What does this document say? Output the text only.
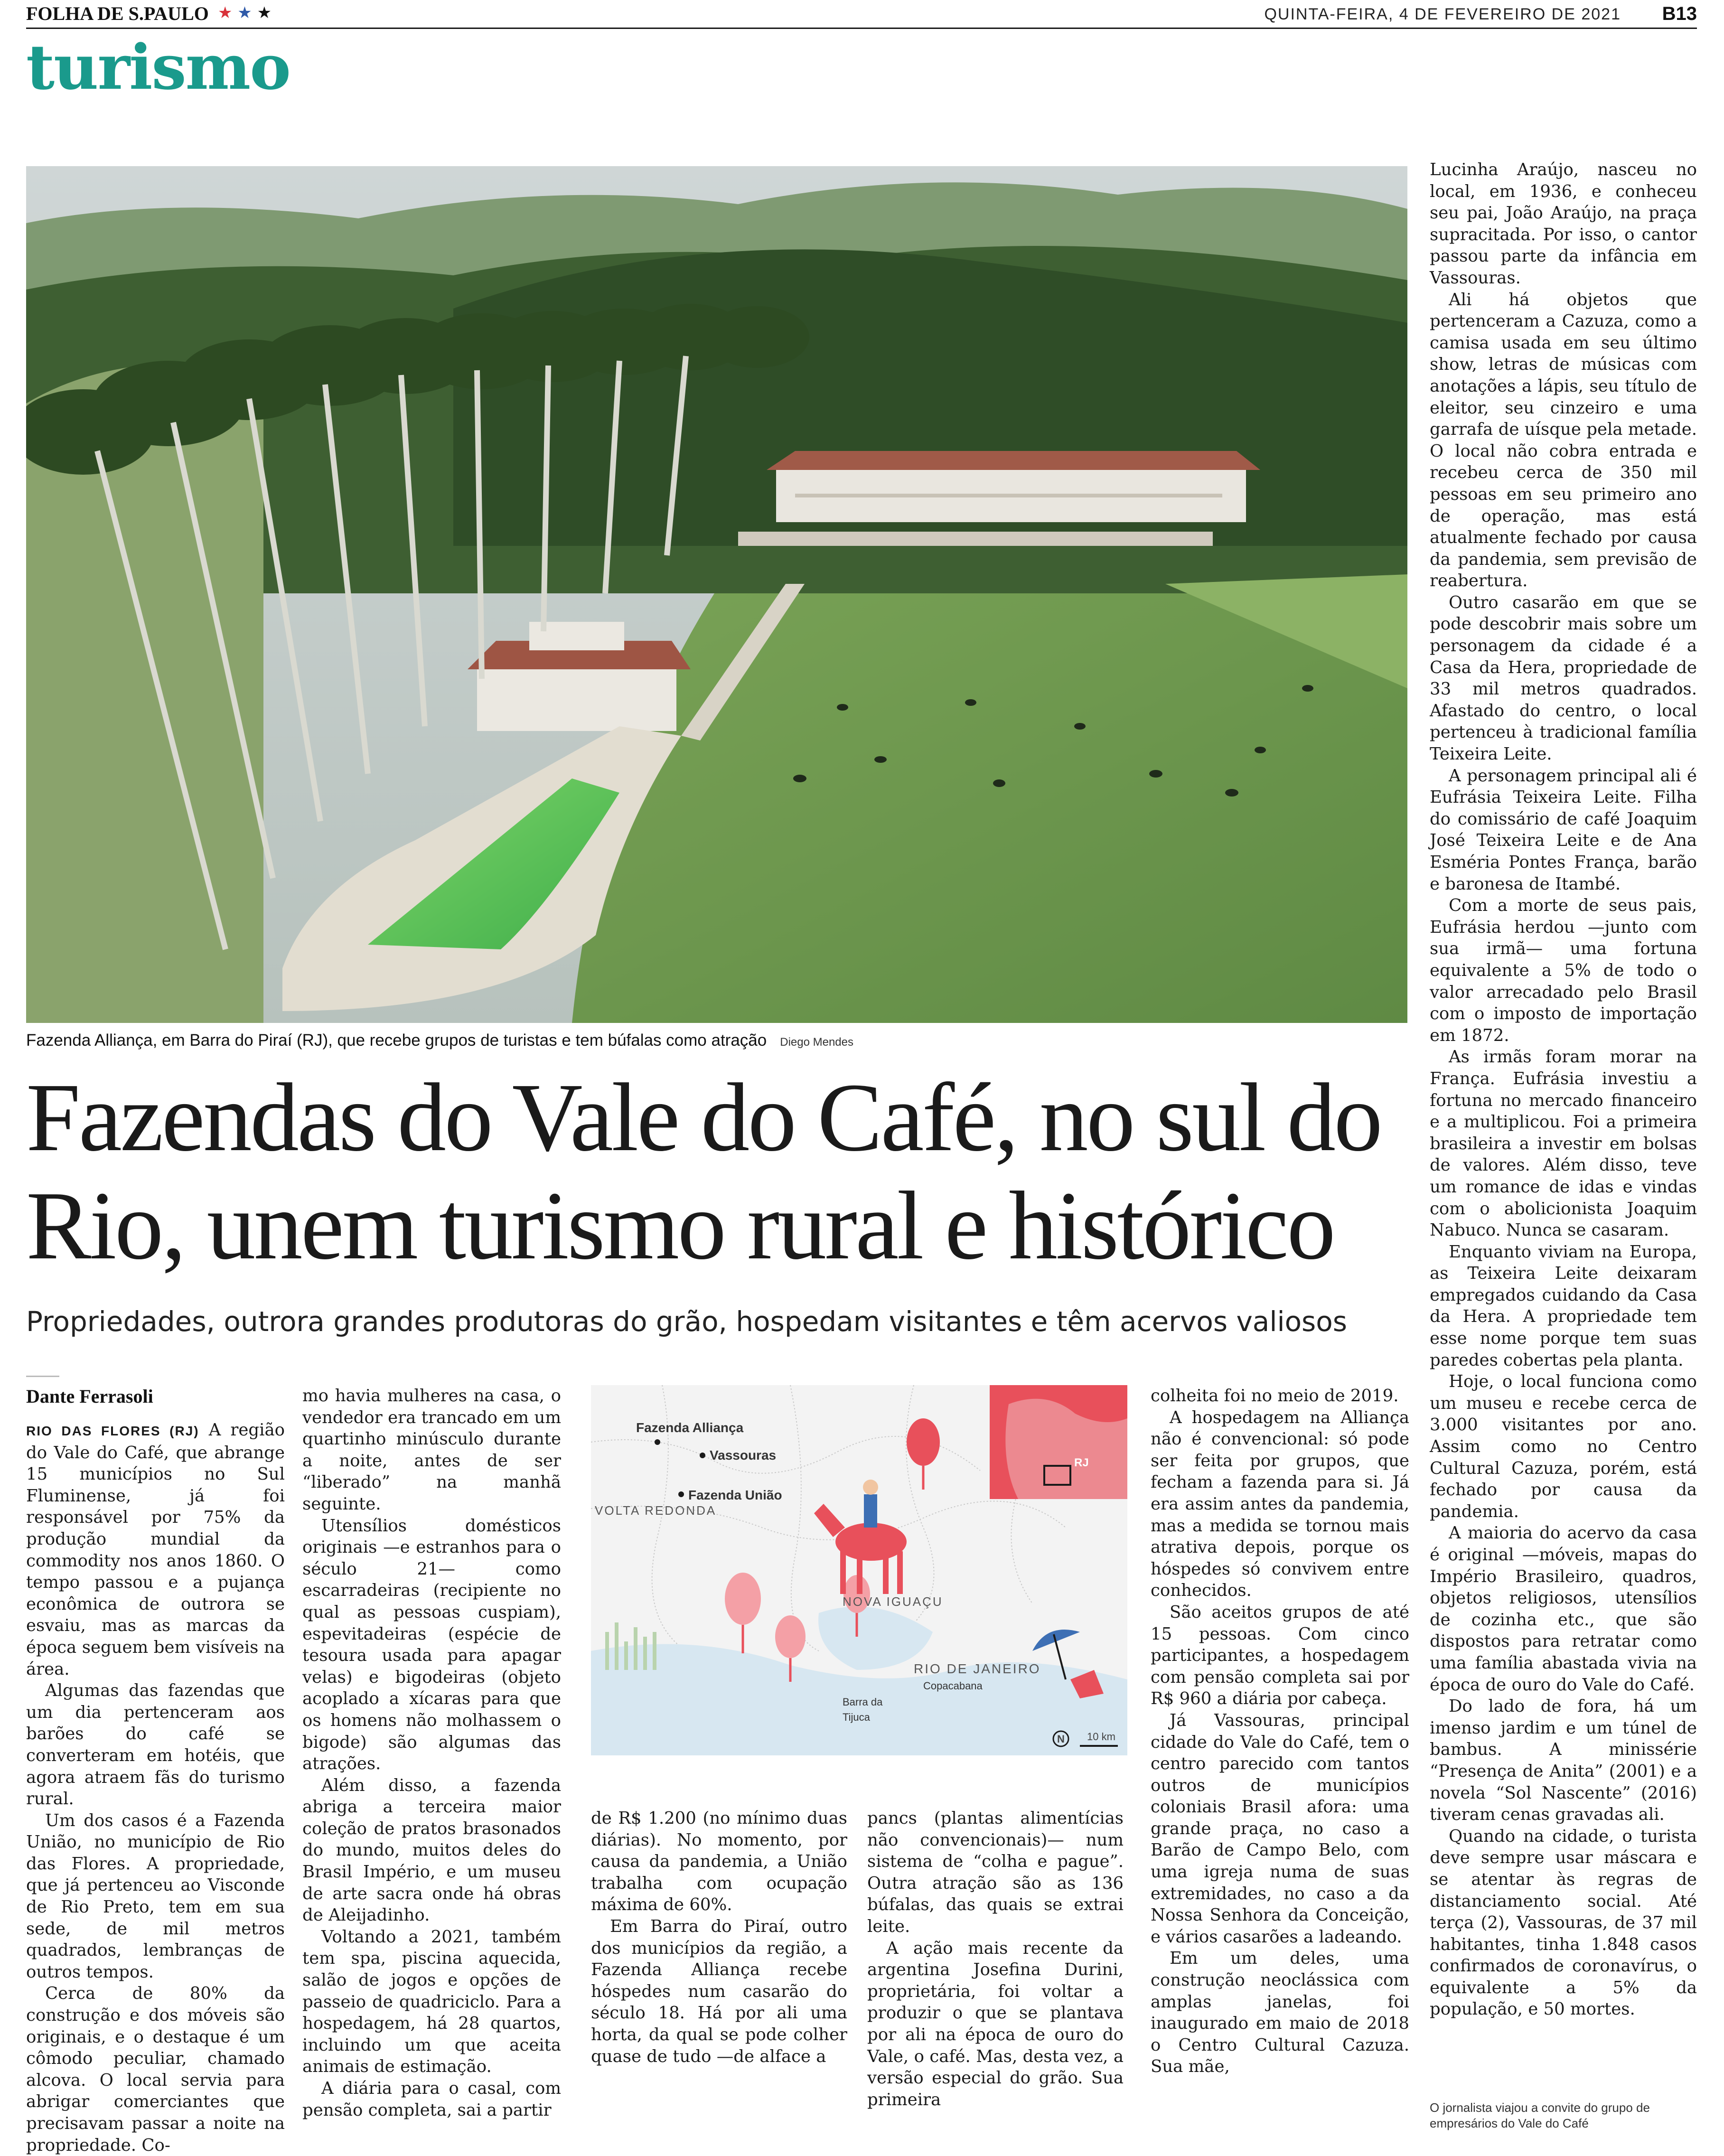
FOLHA DE S.PAULO ★ ★ ★	QUINTA-FEIRA, 4 DE FEVEREIRO DE 2021 B13
turismo
Fazenda Alliança, em Barra do Piraí (RJ), que recebe grupos de turistas e tem búfalas como atração Diego Mendes
Fazendas do Vale do Café, no sul do Rio, unem turismo rural e histórico
Propriedades, outrora grandes produtoras do grão, hospedam visitantes e têm acervos valiosos
Dante Ferrasoli

RIO DAS FLORES (RJ) A região do Vale do Café, que abrange 15 municípios no Sul Fluminense, já foi responsável por 75% da produção mundial da commodity nos anos 1860. O tempo passou e a pujança econômica de outrora se esvaiu, mas as marcas da época seguem bem visíveis na área.

Algumas das fazendas que um dia pertenceram aos barões do café se converteram em hotéis, que agora atraem fãs do turismo rural.

Um dos casos é a Fazenda União, no município de Rio das Flores. A propriedade, que já pertenceu ao Visconde de Rio Preto, tem em sua sede, de mil metros quadrados, lembranças de outros tempos.

Cerca de 80% da construção e dos móveis são originais, e o destaque é um cômodo peculiar, chamado alcova. O local servia para abrigar comerciantes que precisavam passar a noite na propriedade. Co-

mo havia mulheres na casa, o vendedor era trancado em um quartinho minúsculo durante a noite, antes de ser “liberado” na manhã seguinte.

Utensílios domésticos originais —e estranhos para o século 21— como escarradeiras (recipiente no qual as pessoas cuspiam), espevitadeiras (espécie de tesoura usada para apagar velas) e bigodeiras (objeto acoplado a xícaras para que os homens não molhassem o bigode) são algumas das atrações.

Além disso, a fazenda abriga a terceira maior coleção de pratos brasonados do mundo, muitos deles do Brasil Império, e um museu de arte sacra onde há obras de Aleijadinho.

Voltando a 2021, também tem spa, piscina aquecida, salão de jogos e opções de passeio de quadriciclo. Para a hospedagem, há 28 quartos, incluindo um que aceita animais de estimação.

A diária para o casal, com pensão completa, sai a partir

Fazenda Alliança
Vassouras
Fazenda União
VOLTA REDONDA
NOVA IGUAÇU
RIO DE JANEIRO
Copacabana
Barra da Tijuca
RJ
N 10 km

de R$ 1.200 (no mínimo duas diárias). No momento, por causa da pandemia, a União trabalha com ocupação máxima de 60%.

Em Barra do Piraí, outro dos municípios da região, a Fazenda Alliança recebe hóspedes num casarão do século 18. Há por ali uma horta, da qual se pode colher quase de tudo —de alface a

pancs (plantas alimentícias não convencionais)— num sistema de “colha e pague”. Outra atração são as 136 búfalas, das quais se extrai leite.

A ação mais recente da argentina Josefina Durini, proprietária, foi voltar a produzir o que se plantava por ali na época de ouro do Vale, o café. Mas, desta vez, a versão especial do grão. Sua primeira

colheita foi no meio de 2019.

A hospedagem na Alliança não é convencional: só pode ser feita por grupos, que fecham a fazenda para si. Já era assim antes da pandemia, mas a medida se tornou mais atrativa depois, porque os hóspedes só convivem entre conhecidos.

São aceitos grupos de até 15 pessoas. Com cinco participantes, a hospedagem com pensão completa sai por R$ 960 a diária por cabeça.

Já Vassouras, principal cidade do Vale do Café, tem o centro parecido com tantos outros de municípios coloniais Brasil afora: uma grande praça, no caso a Barão de Campo Belo, com uma igreja numa de suas extremidades, no caso a da Nossa Senhora da Conceição, e vários casarões a ladeando.

Em um deles, uma construção neoclássica com amplas janelas, foi inaugurado em maio de 2018 o Centro Cultural Cazuza. Sua mãe,

Lucinha Araújo, nasceu no local, em 1936, e conheceu seu pai, João Araújo, na praça supracitada. Por isso, o cantor passou parte da infância em Vassouras.

Ali há objetos que pertenceram a Cazuza, como a camisa usada em seu último show, letras de músicas com anotações a lápis, seu título de eleitor, seu cinzeiro e uma garrafa de uísque pela metade. O local não cobra entrada e recebeu cerca de 350 mil pessoas em seu primeiro ano de operação, mas está atualmente fechado por causa da pandemia, sem previsão de reabertura.

Outro casarão em que se pode descobrir mais sobre um personagem da cidade é a Casa da Hera, propriedade de 33 mil metros quadrados. Afastado do centro, o local pertenceu à tradicional família Teixeira Leite.

A personagem principal ali é Eufrásia Teixeira Leite. Filha do comissário de café Joaquim José Teixeira Leite e de Ana Esméria Pontes França, barão e baronesa de Itambé.

Com a morte de seus pais, Eufrásia herdou —junto com sua irmã— uma fortuna equivalente a 5% de todo o valor arrecadado pelo Brasil com o imposto de importação em 1872.

As irmãs foram morar na França. Eufrásia investiu a fortuna no mercado financeiro e a multiplicou. Foi a primeira brasileira a investir em bolsas de valores. Além disso, teve um romance de idas e vindas com o abolicionista Joaquim Nabuco. Nunca se casaram.

Enquanto viviam na Europa, as Teixeira Leite deixaram empregados cuidando da Casa da Hera. A propriedade tem esse nome porque tem suas paredes cobertas pela planta.

Hoje, o local funciona como um museu e recebe cerca de 3.000 visitantes por ano. Assim como no Centro Cultural Cazuza, porém, está fechado por causa da pandemia.

A maioria do acervo da casa é original —móveis, mapas do Império Brasileiro, quadros, objetos religiosos, utensílios de cozinha etc., que são dispostos para retratar como uma família abastada vivia na época de ouro do Vale do Café.

Do lado de fora, há um imenso jardim e um túnel de bambus. A minissérie “Presença de Anita” (2001) e a novela “Sol Nascente” (2016) tiveram cenas gravadas ali.

Quando na cidade, o turista deve sempre usar máscara e se atentar às regras de distanciamento social. Até terça (2), Vassouras, de 37 mil habitantes, tinha 1.848 casos confirmados de coronavírus, o equivalente a 5% da população, e 50 mortes.

O jornalista viajou a convite do grupo de empresários do Vale do Café
